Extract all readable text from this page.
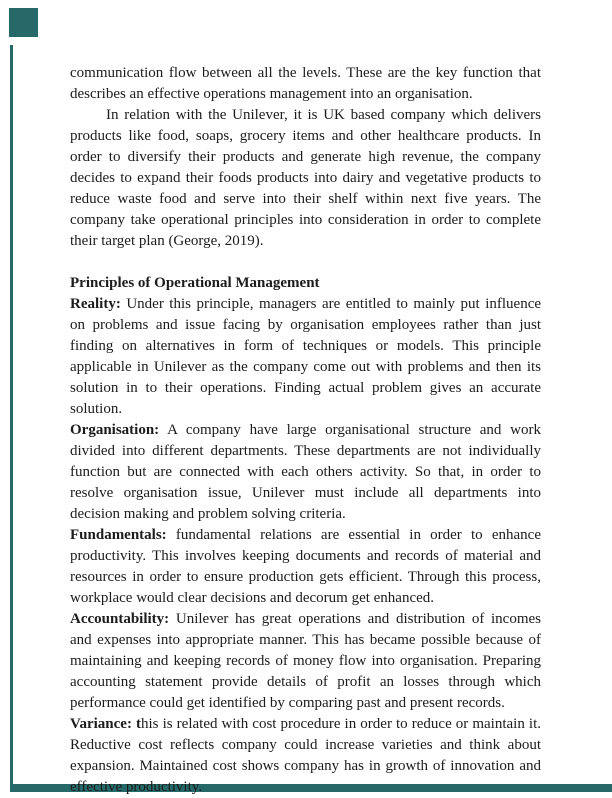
communication flow between all the levels. These are the key function that describes an effective operations management into an organisation.

In relation with the Unilever, it is UK based company which delivers products like food, soaps, grocery items and other healthcare products. In order to diversify their products and generate high revenue, the company decides to expand their foods products into dairy and vegetative products to reduce waste food and serve into their shelf within next five years. The company take operational principles into consideration in order to complete their target plan (George, 2019).

Principles of Operational Management

Reality: Under this principle, managers are entitled to mainly put influence on problems and issue facing by organisation employees rather than just finding on alternatives in form of techniques or models. This principle applicable in Unilever as the company come out with problems and then its solution in to their operations. Finding actual problem gives an accurate solution.

Organisation: A company have large organisational structure and work divided into different departments. These departments are not individually function but are connected with each others activity. So that, in order to resolve organisation issue, Unilever must include all departments into decision making and problem solving criteria.

Fundamentals: fundamental relations are essential in order to enhance productivity. This involves keeping documents and records of material and resources in order to ensure production gets efficient. Through this process, workplace would clear decisions and decorum get enhanced.

Accountability: Unilever has great operations and distribution of incomes and expenses into appropriate manner. This has became possible because of maintaining and keeping records of money flow into organisation. Preparing accounting statement provide details of profit an losses through which performance could get identified by comparing past and present records.

Variance: this is related with cost procedure in order to reduce or maintain it. Reductive cost reflects company could increase varieties and think about expansion. Maintained cost shows company has in growth of innovation and effective productivity.
